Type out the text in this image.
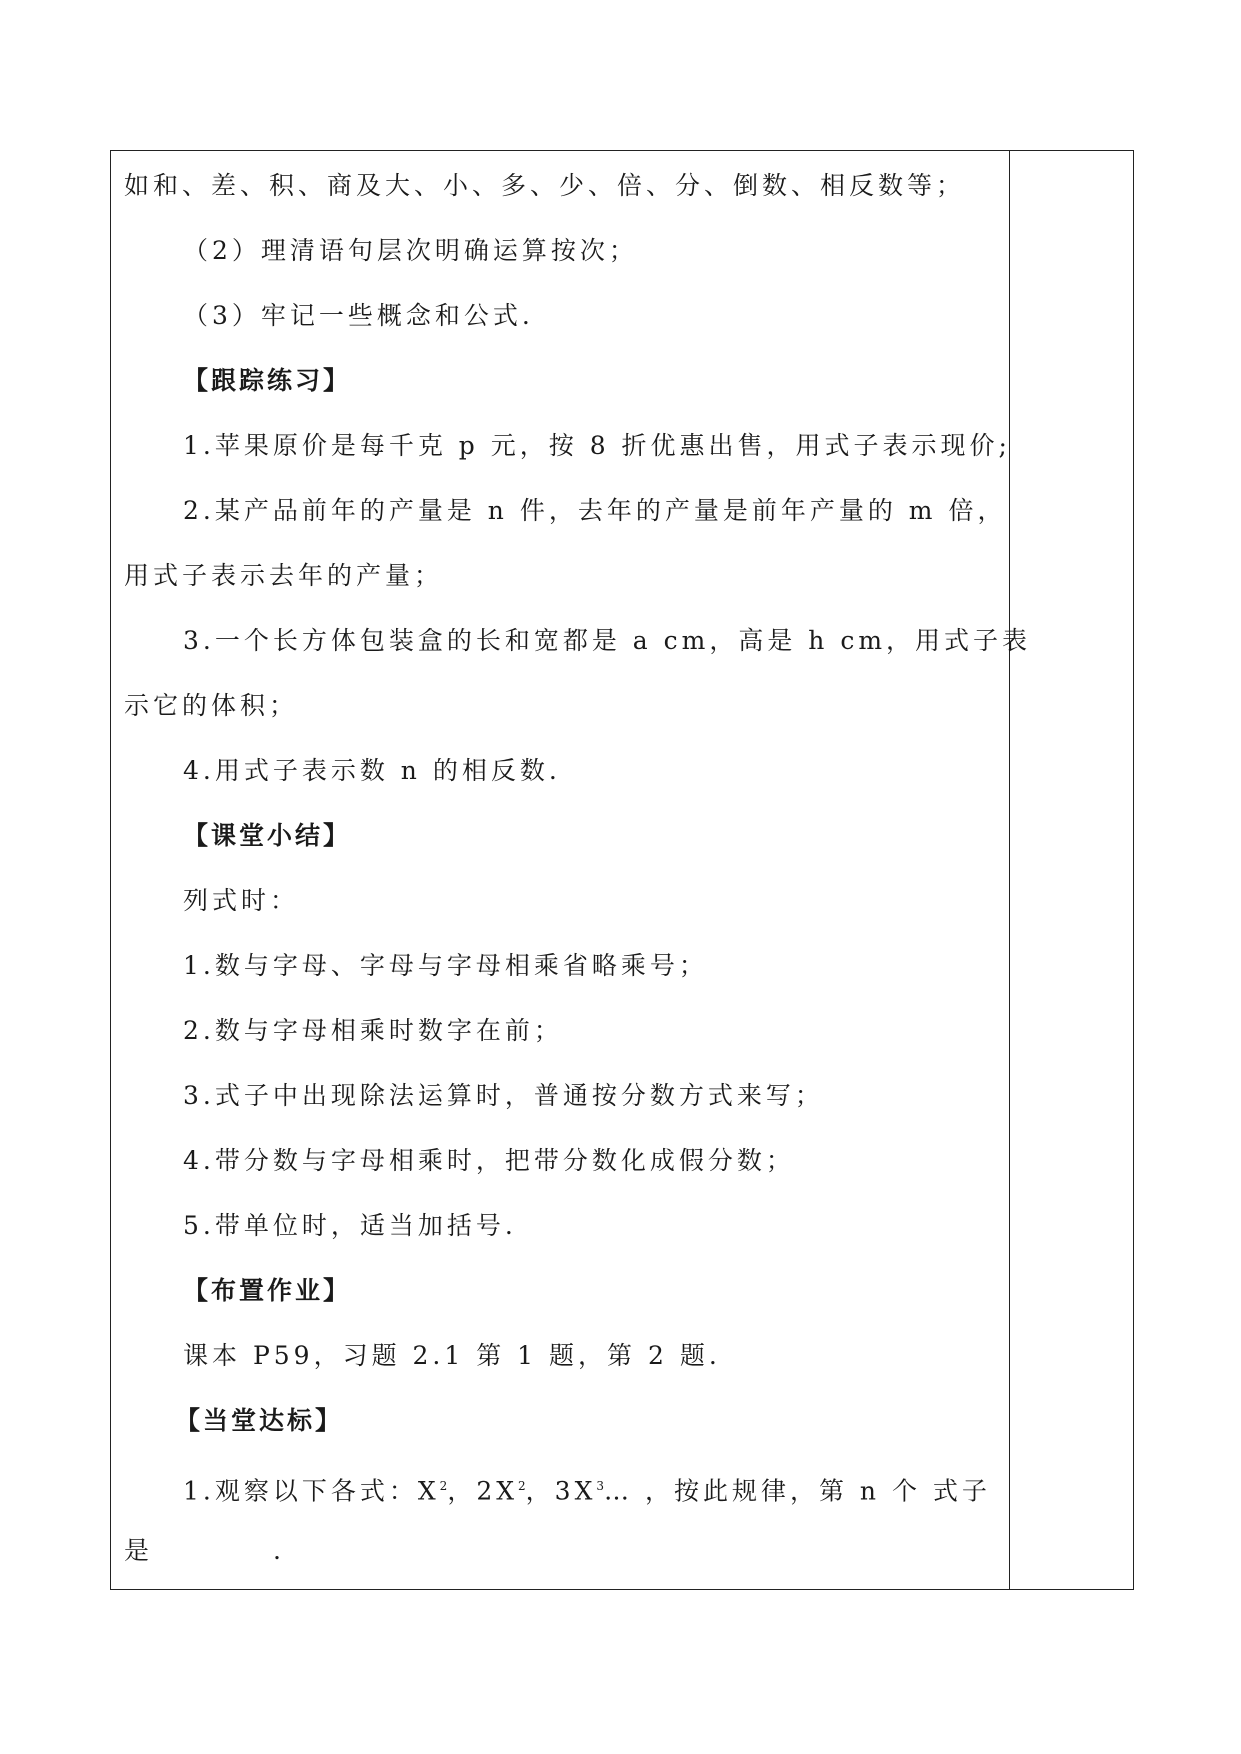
如和、差、积、商及大、小、多、少、倍、分、倒数、相反数等；
（2）理清语句层次明确运算按次；
（3）牢记一些概念和公式.
【跟踪练习】
1.苹果原价是每千克 p 元，按 8 折优惠出售，用式子表示现价;
2.某产品前年的产量是 n 件，去年的产量是前年产量的 m 倍，
用式子表示去年的产量；
3.一个长方体包装盒的长和宽都是 a cm，高是 h cm，用式子表
示它的体积；
4.用式子表示数 n 的相反数.
【课堂小结】
列式时：
1.数与字母、字母与字母相乘省略乘号；
2.数与字母相乘时数字在前；
3.式子中出现除法运算时，普通按分数方式来写；
4.带分数与字母相乘时，把带分数化成假分数；
5.带单位时，适当加括号.
【布置作业】
课本 P59，习题 2.1 第 1 题，第 2 题.
【当堂达标】
1.观察以下各式：$X^2$，$2X^2$，$3X^3\dots$ ，按此规律，第 n 个 式子
是	.
